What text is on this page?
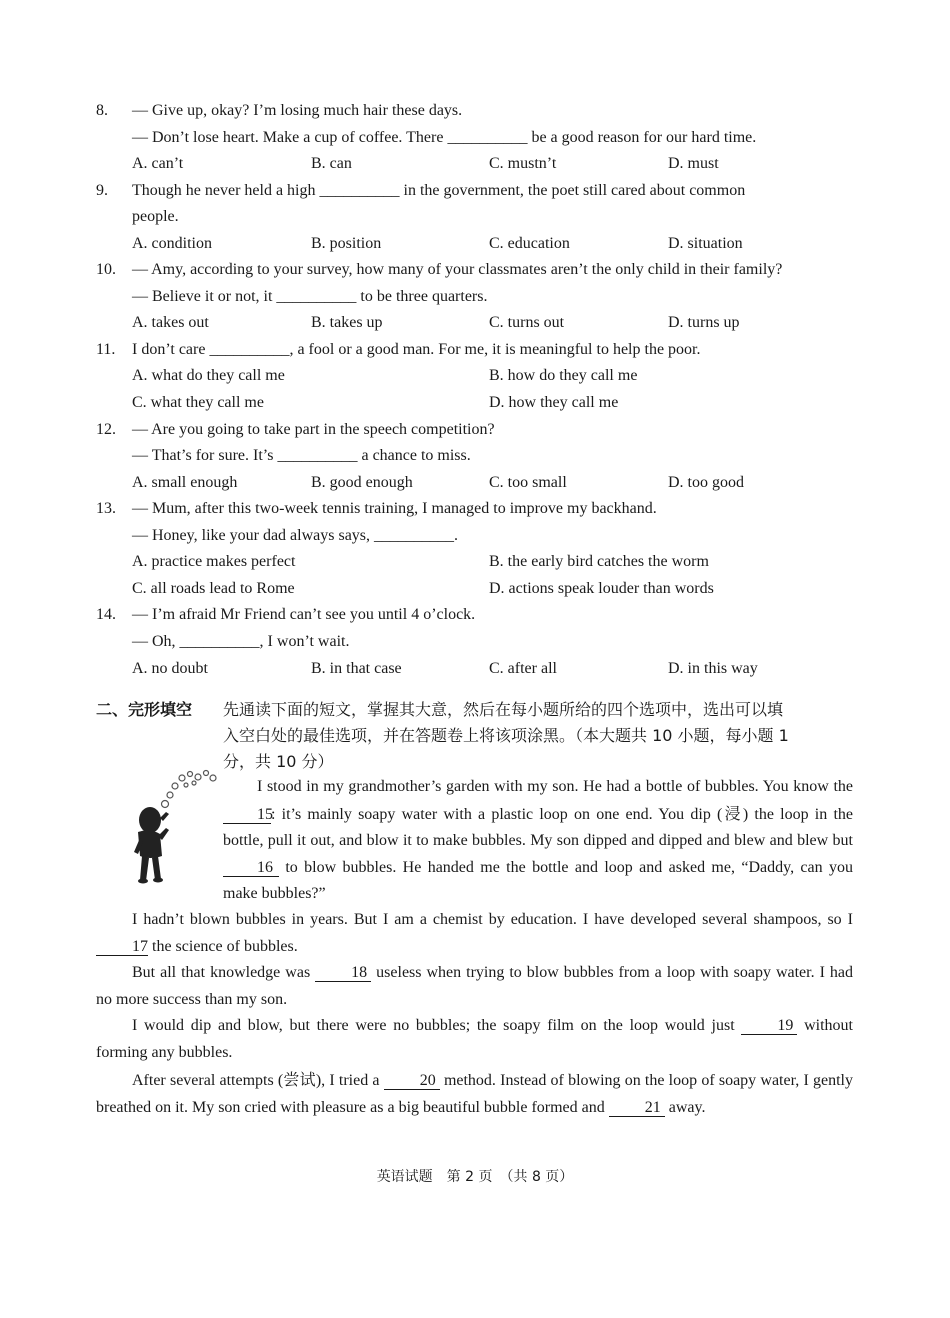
8. — Give up, okay? I’m losing much hair these days.
— Don’t lose heart. Make a cup of coffee. There __________ be a good reason for our hard time.
A. can’t	B. can	C. mustn’t	D. must
9. Though he never held a high __________ in the government, the poet still cared about common
people.
A. condition	B. position	C. education	D. situation
10. — Amy, according to your survey, how many of your classmates aren’t the only child in their family?
— Believe it or not, it __________ to be three quarters.
A. takes out	B. takes up	C. turns out	D. turns up
11. I don’t care __________, a fool or a good man. For me, it is meaningful to help the poor.
A. what do they call me	B. how do they call me
C. what they call me	D. how they call me
12. — Are you going to take part in the speech competition?
— That’s for sure. It’s __________ a chance to miss.
A. small enough	B. good enough	C. too small	D. too good
13. — Mum, after this two-week tennis training, I managed to improve my backhand.
— Honey, like your dad always says, __________.
A. practice makes perfect	B. the early bird catches the worm
C. all roads lead to Rome	D. actions speak louder than words
14. — I’m afraid Mr Friend can’t see you until 4 o’clock.
— Oh, __________, I won’t wait.
A. no doubt	B. in that case	C. after all	D. in this way
二、完形填空 先通读下面的短文，掌握其大意，然后在每小题所给的四个选项中，选出可以填
入空白处的最佳选项，并在答题卷上将该项涂黑。（本大题共 10 小题，每小题 1
分，共 10 分）

I stood in my grandmother’s garden with my son. He had a bottle of bubbles. You know the 15: it’s mainly soapy water with a plastic loop on one end. You dip (浸) the loop in the bottle, pull it out, and blow it to make bubbles. My son dipped and dipped and blew and blew but 16 to blow bubbles. He handed me the bottle and loop and asked me, “Daddy, can you make bubbles?”

I hadn’t blown bubbles in years. But I am a chemist by education. I have developed several shampoos, so I 17 the science of bubbles.

But all that knowledge was 18 useless when trying to blow bubbles from a loop with soapy water. I had no more success than my son.

I would dip and blow, but there were no bubbles; the soapy film on the loop would just 19 without forming any bubbles.

After several attempts (尝试), I tried a 20 method. Instead of blowing on the loop of soapy water, I gently breathed on it. My son cried with pleasure as a big beautiful bubble formed and 21 away.

英语试题　第 2 页　（共 8 页）
